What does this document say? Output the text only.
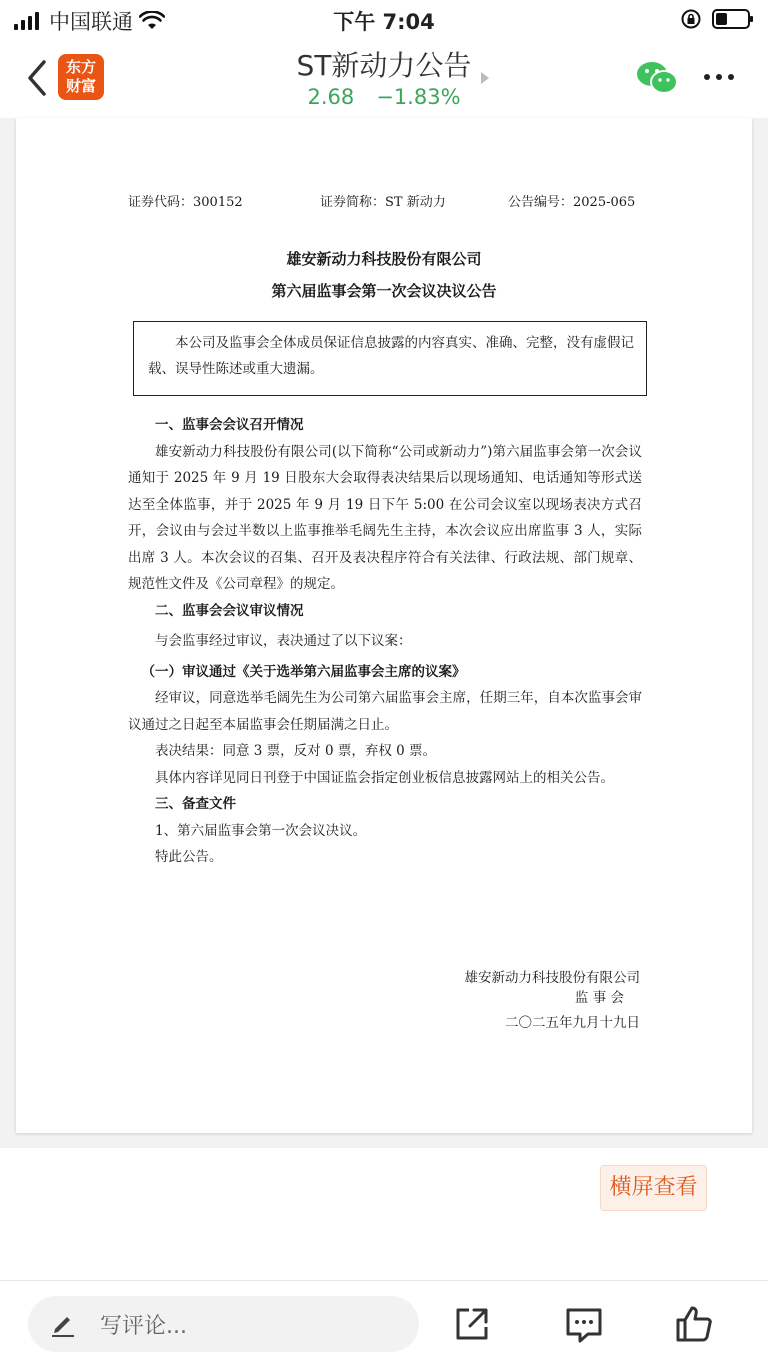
中国联通	下午 7:04
东方
财富
ST新动力公告
2.68 −1.83%
证券代码：300152	证券简称：ST 新动力	公告编号：2025-065
雄安新动力科技股份有限公司
第六届监事会第一次会议决议公告
本公司及监事会全体成员保证信息披露的内容真实、准确、完整，没有虚假记载、误导性陈述或重大遗漏。

一、监事会会议召开情况

雄安新动力科技股份有限公司(以下简称“公司或新动力”)第六届监事会第一次会议通知于 2025 年 9 月 19 日股东大会取得表决结果后以现场通知、电话通知等形式送达至全体监事，并于 2025 年 9 月 19 日下午 5:00 在公司会议室以现场表决方式召开，会议由与会过半数以上监事推举毛阔先生主持，本次会议应出席监事 3 人，实际出席 3 人。本次会议的召集、召开及表决程序符合有关法律、行政法规、部门规章、规范性文件及《公司章程》的规定。

二、监事会会议审议情况

与会监事经过审议，表决通过了以下议案：

（一）审议通过《关于选举第六届监事会主席的议案》

经审议，同意选举毛阔先生为公司第六届监事会主席，任期三年，自本次监事会审议通过之日起至本届监事会任期届满之日止。

表决结果：同意 3 票，反对 0 票，弃权 0 票。

具体内容详见同日刊登于中国证监会指定创业板信息披露网站上的相关公告。

三、备查文件

1、第六届监事会第一次会议决议。

特此公告。

雄安新动力科技股份有限公司
监 事 会
二〇二五年九月十九日
横屏查看
写评论...
